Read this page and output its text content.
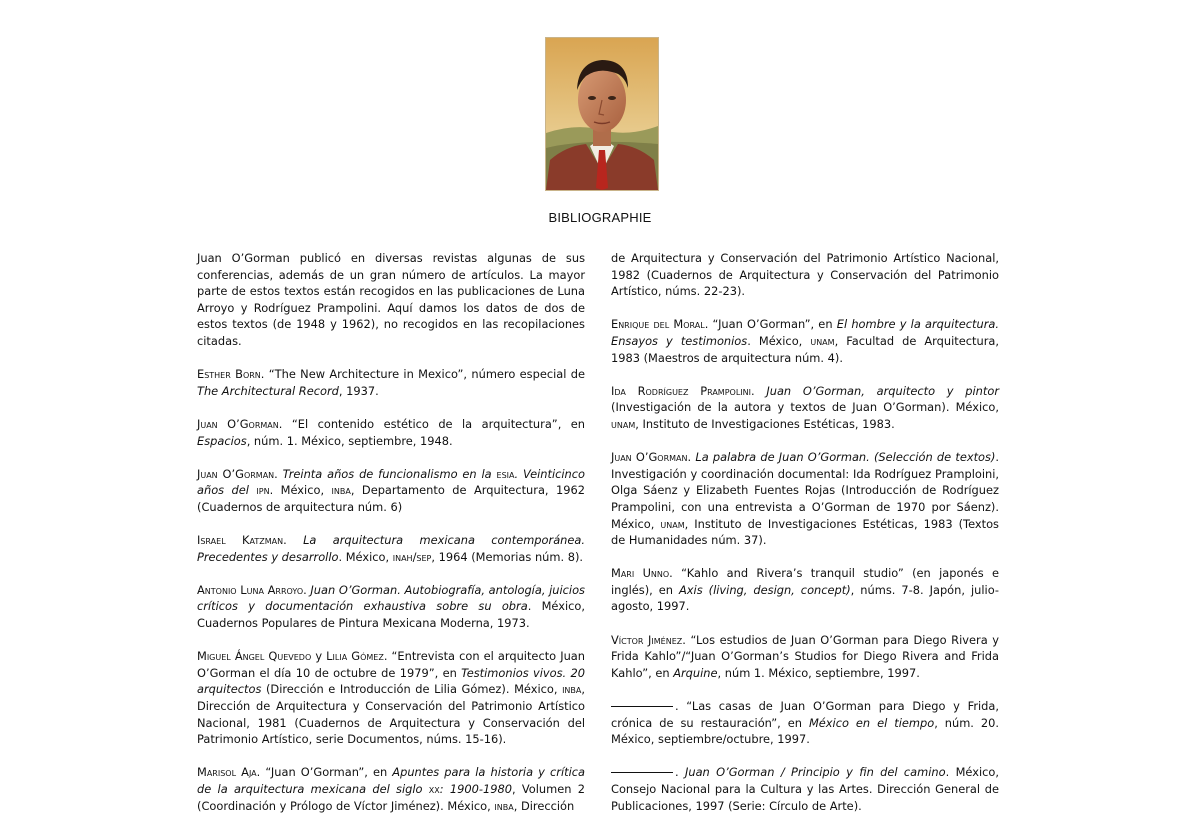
BIBLIOGRAPHIE

Juan O’Gorman publicó en diversas revistas algunas de sus conferencias, además de un gran número de artículos. La mayor parte de estos textos están recogidos en las publicaciones de Luna Arroyo y Rodríguez Prampolini. Aquí damos los datos de dos de estos textos (de 1948 y 1962), no recogidos en las recopilaciones citadas.

Esther Born. “The New Architecture in Mexico”, número especial de The Architectural Record, 1937.

Juan O’Gorman. “El contenido estético de la arquitectura”, en Espacios, núm. 1. México, septiembre, 1948.

Juan O’Gorman. Treinta años de funcionalismo en la esia. Veinticinco años del ipn. México, inba, Departamento de Arquitectura, 1962 (Cuadernos de arquitectura núm. 6)

Israel Katzman. La arquitectura mexicana contemporánea. Precedentes y desarrollo. México, inah/sep, 1964 (Memorias núm. 8).

Antonio Luna Arroyo. Juan O’Gorman. Autobiografía, antología, juicios críticos y documentación exhaustiva sobre su obra. México, Cuadernos Populares de Pintura Mexicana Moderna, 1973.

Miguel Ángel Quevedo y Lilia Gómez. “Entrevista con el arquitecto Juan O’Gorman el día 10 de octubre de 1979”, en Testimonios vivos. 20 arquitectos (Dirección e Introducción de Lilia Gómez). México, inba, Dirección de Arquitectura y Conservación del Patrimonio Artístico Nacional, 1981 (Cuadernos de Arquitectura y Conservación del Patrimonio Artístico, serie Documentos, núms. 15-16).

Marisol Aja. “Juan O’Gorman”, en Apuntes para la historia y crítica de la arquitectura mexicana del siglo xx: 1900-1980, Volumen 2 (Coordinación y Prólogo de Víctor Jiménez). México, inba, Dirección

de Arquitectura y Conservación del Patrimonio Artístico Nacional, 1982 (Cuadernos de Arquitectura y Conservación del Patrimonio Artístico, núms. 22-23).

Enrique del Moral. “Juan O’Gorman”, en El hombre y la arquitectura. Ensayos y testimonios. México, unam, Facultad de Arquitectura, 1983 (Maestros de arquitectura núm. 4).

Ida Rodríguez Prampolini. Juan O’Gorman, arquitecto y pintor (Investigación de la autora y textos de Juan O’Gorman). México, unam, Instituto de Investigaciones Estéticas, 1983.

Juan O’Gorman. La palabra de Juan O’Gorman. (Selección de textos). Investigación y coordinación documental: Ida Rodríguez Pramploini, Olga Sáenz y Elizabeth Fuentes Rojas (Introducción de Rodríguez Prampolini, con una entrevista a O’Gorman de 1970 por Sáenz). México, unam, Instituto de Investigaciones Estéticas, 1983 (Textos de Humanidades núm. 37).

Mari Unno. “Kahlo and Rivera’s tranquil studio” (en japonés e inglés), en Axis (living, design, concept), núms. 7-8. Japón, julio-agosto, 1997.

Víctor Jiménez. “Los estudios de Juan O’Gorman para Diego Rivera y Frida Kahlo”/“Juan O’Gorman’s Studios for Diego Rivera and Frida Kahlo”, en Arquine, núm 1. México, septiembre, 1997.

. “Las casas de Juan O’Gorman para Diego y Frida, crónica de su restauración”, en México en el tiempo, núm. 20. México, septiembre/octubre, 1997.

. Juan O’Gorman / Principio y fin del camino. México, Consejo Nacional para la Cultura y las Artes. Dirección General de Publicaciones, 1997 (Serie: Círculo de Arte).
